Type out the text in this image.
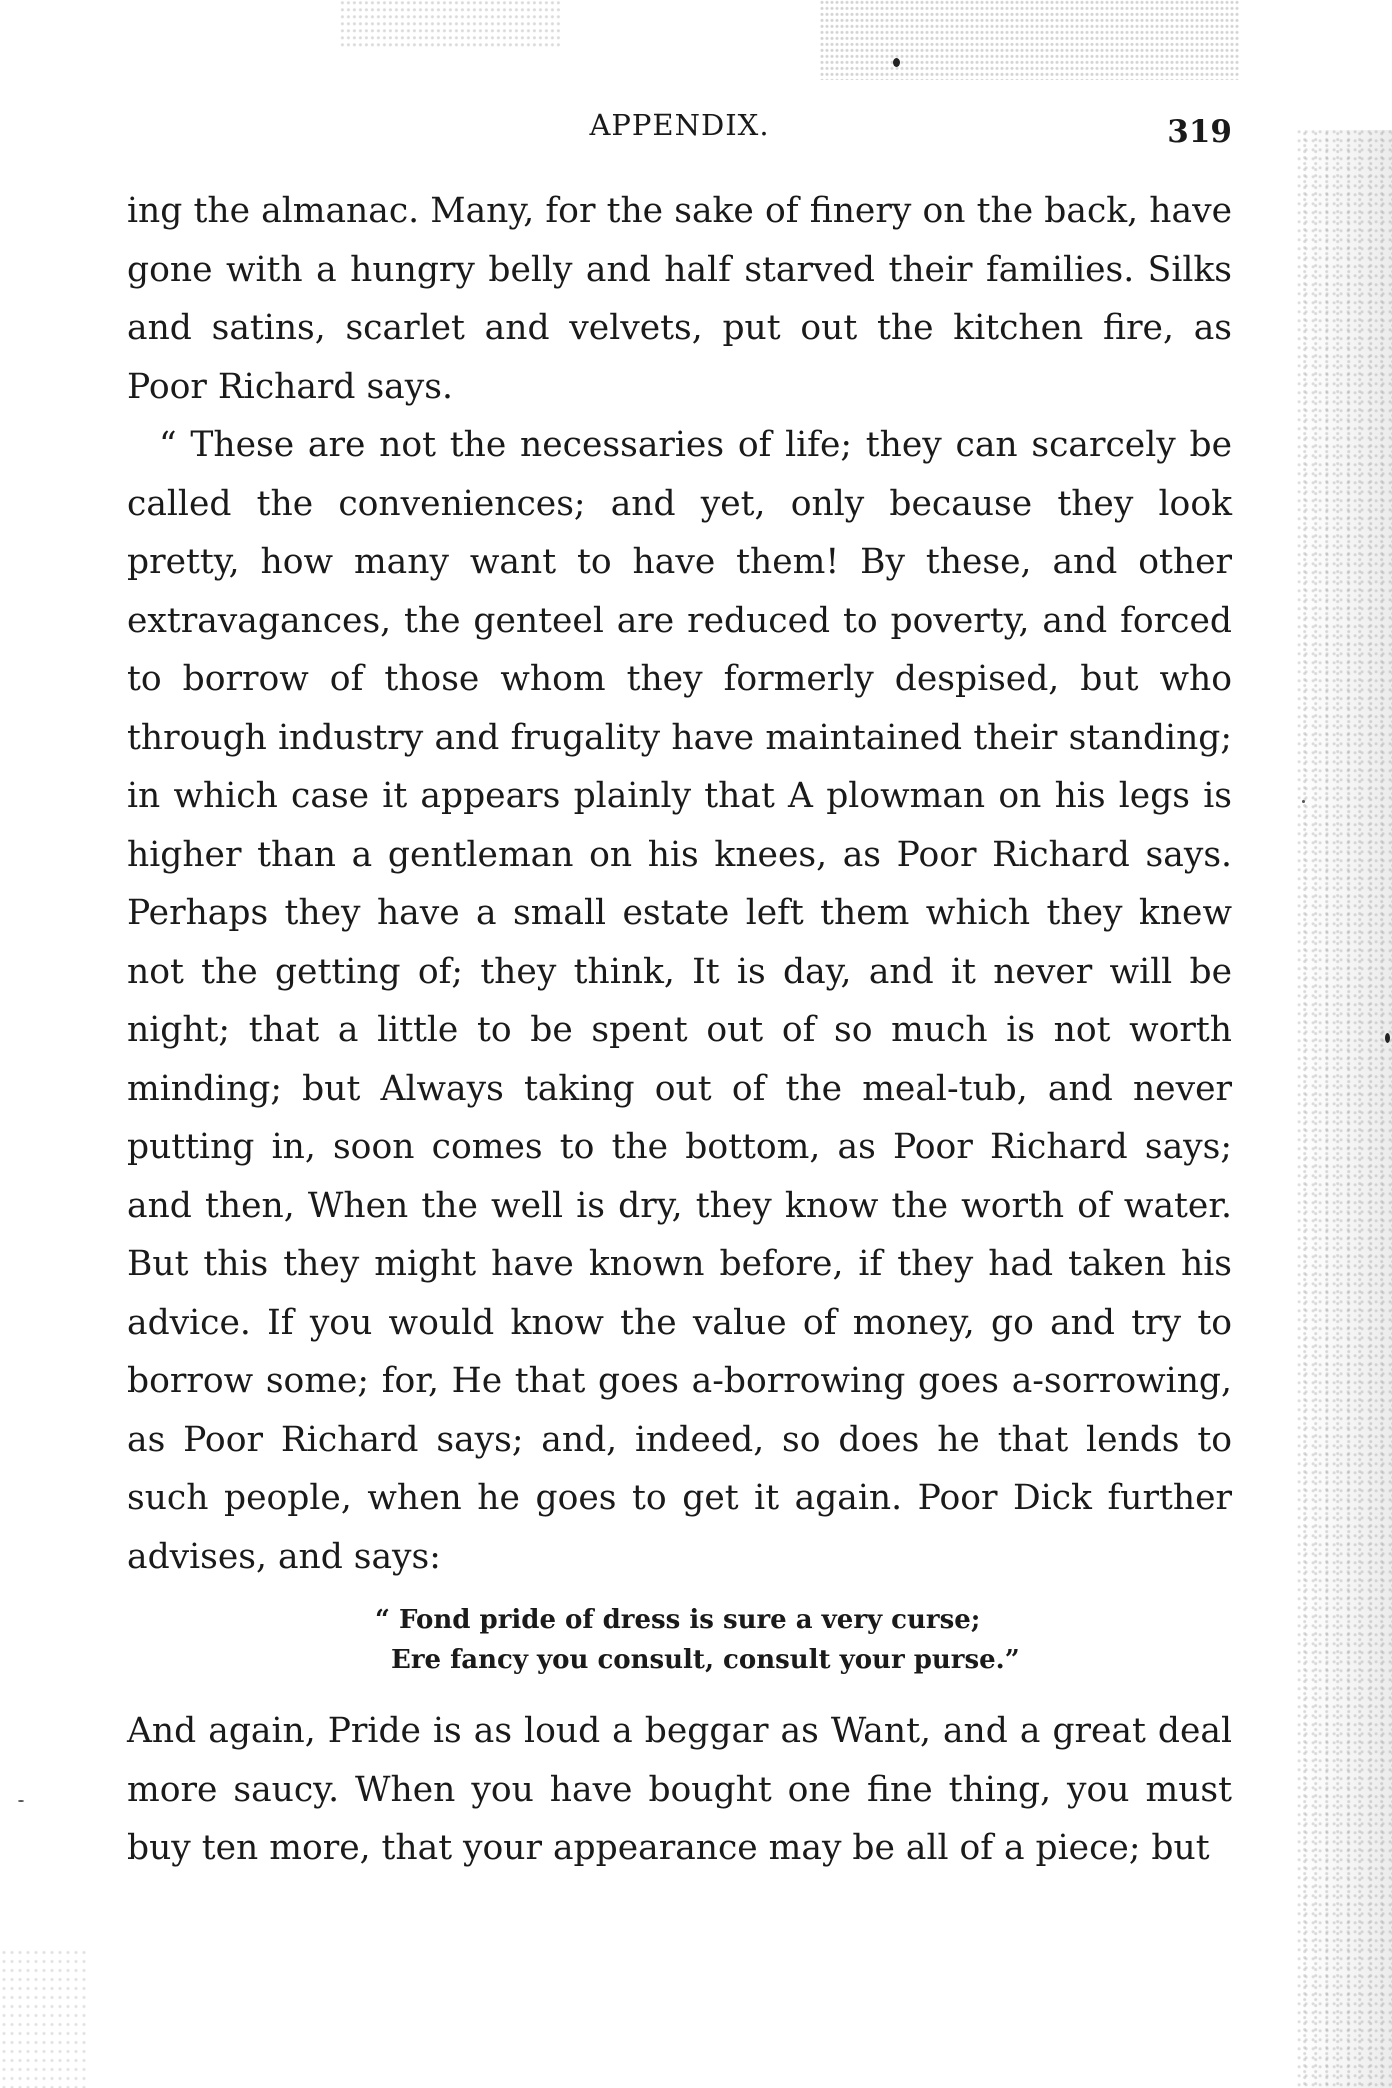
APPENDIX.	319

ing the almanac. Many, for the sake of finery on the back, have gone with a hungry belly and half starved their families. Silks and satins, scarlet and velvets, put out the kitchen fire, as Poor Richard says.

“ These are not the necessaries of life; they can scarcely be called the conveniences; and yet, only because they look pretty, how many want to have them! By these, and other extravagances, the genteel are reduced to poverty, and forced to borrow of those whom they formerly despised, but who through industry and frugality have maintained their standing; in which case it appears plainly that A plowman on his legs is higher than a gentleman on his knees, as Poor Richard says. Perhaps they have a small estate left them which they knew not the getting of; they think, It is day, and it never will be night; that a little to be spent out of so much is not worth minding; but Always taking out of the meal-tub, and never putting in, soon comes to the bottom, as Poor Richard says; and then, When the well is dry, they know the worth of water. But this they might have known before, if they had taken his advice. If you would know the value of money, go and try to borrow some; for, He that goes a-borrowing goes a-sorrowing, as Poor Richard says; and, indeed, so does he that lends to such people, when he goes to get it again. Poor Dick further advises, and says:

“ Fond pride of dress is sure a very curse;
Ere fancy you consult, consult your purse.”

And again, Pride is as loud a beggar as Want, and a great deal more saucy. When you have bought one fine thing, you must buy ten more, that your appearance may be all of a piece; but
